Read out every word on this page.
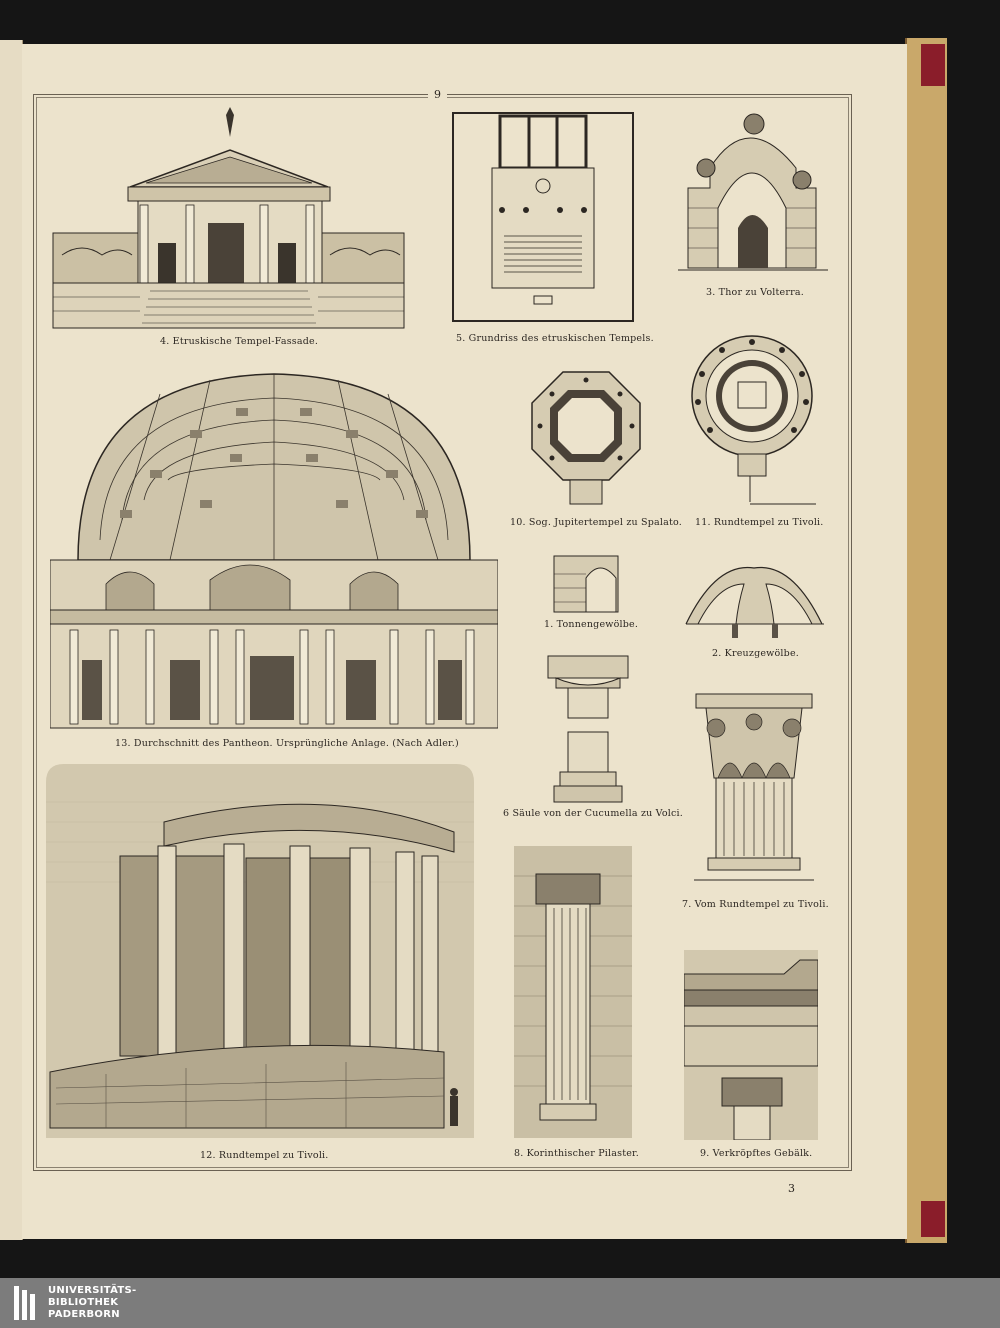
9
4. Etruskische Tempel-Fassade.	5. Grundriss des etruskischen Tempels.
3. Thor zu Volterra.
13. Durchschnitt des Pantheon. Ursprüngliche Anlage. (Nach Adler.)
10. Sog. Jupitertempel zu Spalato. 11. Rundtempel zu Tivoli.
1. Tonnengewölbe.
2. Kreuzgewölbe.
6 Säule von der Cucumella zu Volci.
7. Vom Rundtempel zu Tivoli.
12. Rundtempel zu Tivoli.	8. Korinthischer Pilaster.	9. Verkröpftes Gebälk.
3
UNIVERSITÄTS-
BIBLIOTHEK
PADERBORN
